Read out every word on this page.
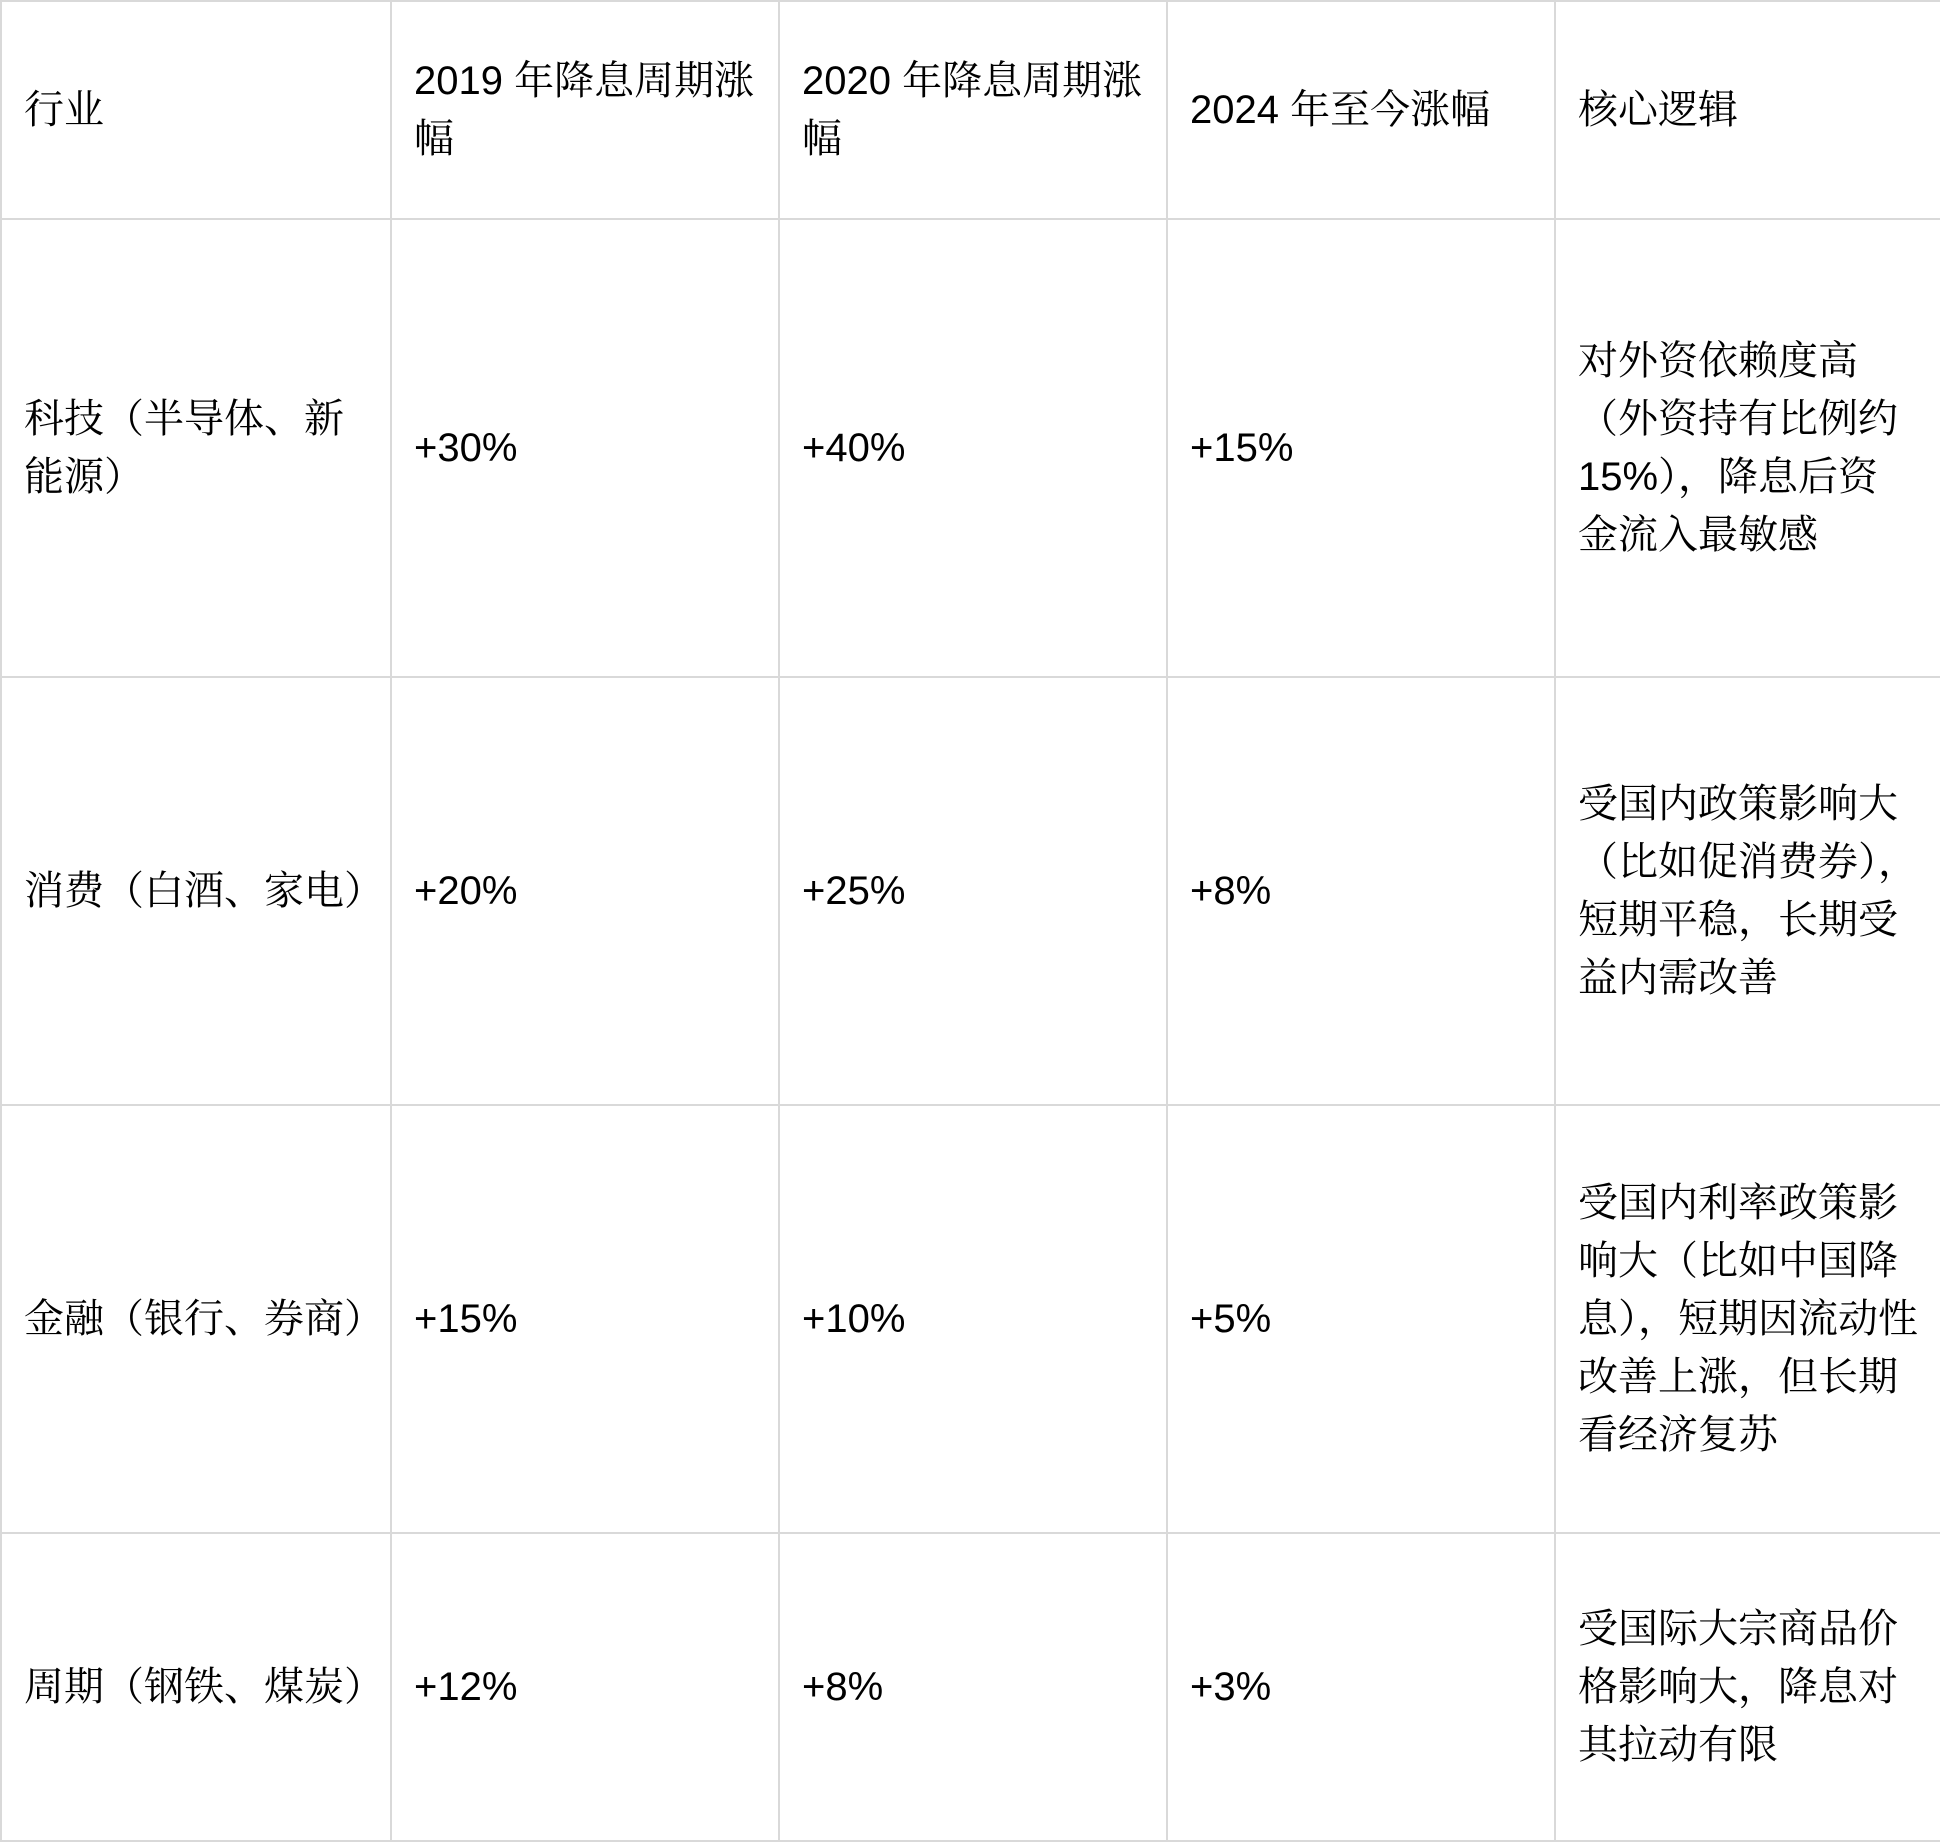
行业	2019 年降息周期涨幅	2020 年降息周期涨幅	2024 年至今涨幅	核心逻辑
科技（半导体、新能源）	+30%	+40%	+15%	对外资依赖度高（外资持有比例约 15%），降息后资金流入最敏感
消费（白酒、家电）	+20%	+25%	+8%	受国内政策影响大（比如促消费券），短期平稳，长期受益内需改善
金融（银行、券商）	+15%	+10%	+5%	受国内利率政策影响大（比如中国降息），短期因流动性改善上涨，但长期看经济复苏
周期（钢铁、煤炭）	+12%	+8%	+3%	受国际大宗商品价格影响大，降息对其拉动有限
